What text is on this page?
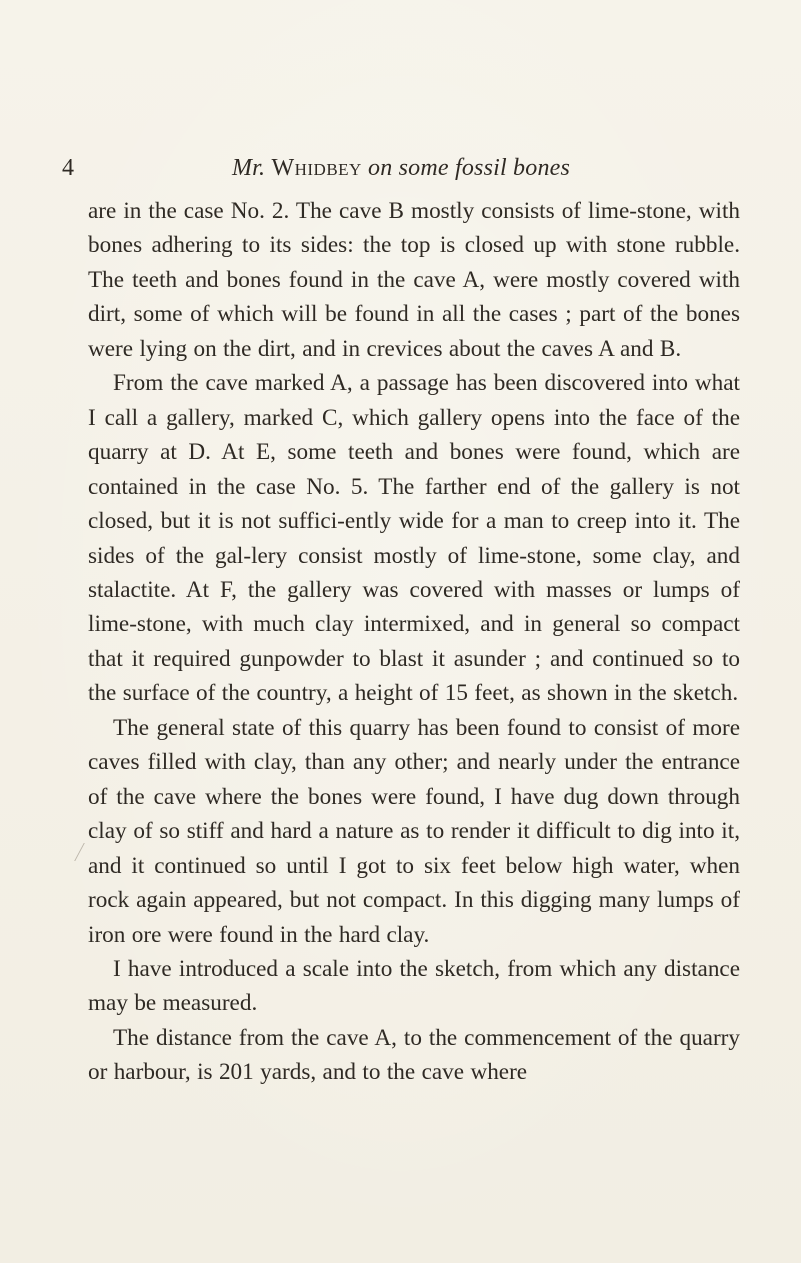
4	Mr. Whidbey on some fossil bones

are in the case No. 2. The cave B mostly consists of lime-stone, with bones adhering to its sides: the top is closed up with stone rubble. The teeth and bones found in the cave A, were mostly covered with dirt, some of which will be found in all the cases ; part of the bones were lying on the dirt, and in crevices about the caves A and B.

From the cave marked A, a passage has been discovered into what I call a gallery, marked C, which gallery opens into the face of the quarry at D. At E, some teeth and bones were found, which are contained in the case No. 5. The farther end of the gallery is not closed, but it is not suffici-ently wide for a man to creep into it. The sides of the gal-lery consist mostly of lime-stone, some clay, and stalactite. At F, the gallery was covered with masses or lumps of lime-stone, with much clay intermixed, and in general so compact that it required gunpowder to blast it asunder ; and continued so to the surface of the country, a height of 15 feet, as shown in the sketch.

The general state of this quarry has been found to consist of more caves filled with clay, than any other; and nearly under the entrance of the cave where the bones were found, I have dug down through clay of so stiff and hard a nature as to render it difficult to dig into it, and it continued so until I got to six feet below high water, when rock again appeared, but not compact. In this digging many lumps of iron ore were found in the hard clay.

I have introduced a scale into the sketch, from which any distance may be measured.

The distance from the cave A, to the commencement of the quarry or harbour, is 201 yards, and to the cave where
